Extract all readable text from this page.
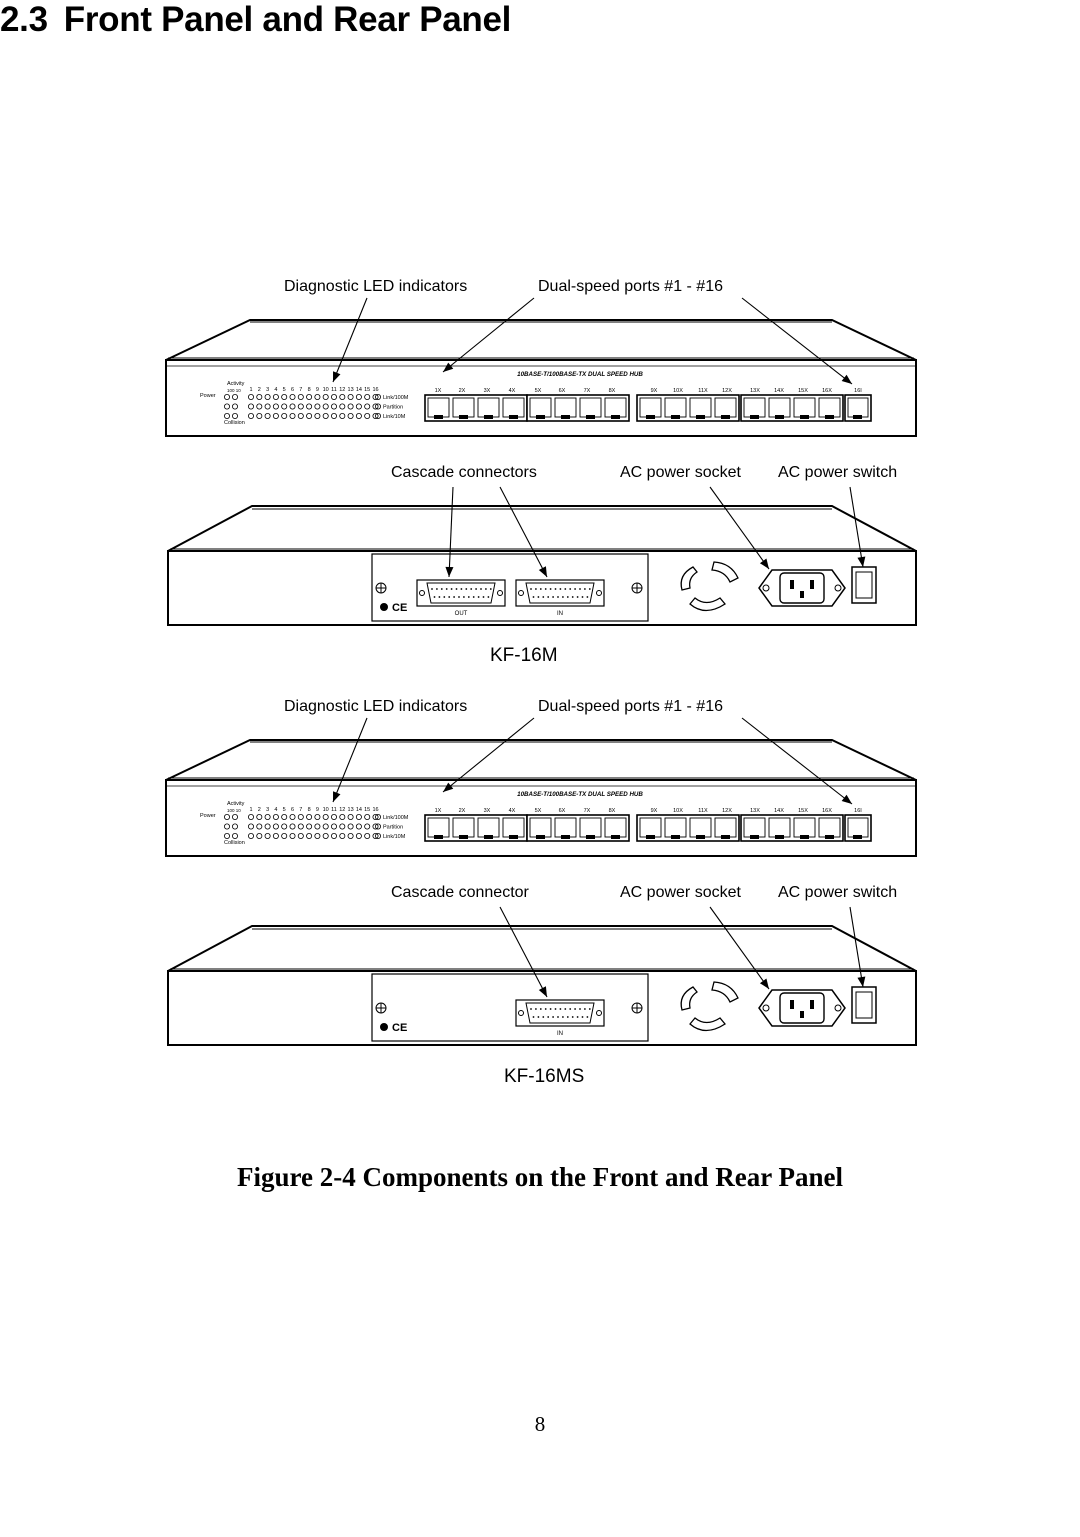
2.3 Front Panel and Rear Panel
Diagnostic LED indicators	Dual-speed ports #1 - #16
Cascade connectors	AC power socket AC power switch
KF-16M
Diagnostic LED indicators	Dual-speed ports #1 - #16
Cascade connector	AC power socket AC power switch
KF-16MS
Figure 2-4 Components on the Front and Rear Panel
8
10BASE-T/100BASE-TX DUAL SPEED HUB
Activity
Power
Collision
100 10 1 2 3 4 5 6 7 8 9 10 11 12 13 14 15 16
Link/100M
Partition
Link/10M
1X	2X	3X	4X	5X	6X	7X	8X	9X	10X	11X	12X	13X	14X	15X	16X	16I
CE	OUT	IN
10BASE-T/100BASE-TX DUAL SPEED HUB
Activity
Power
Collision
100 10 1 2 3 4 5 6 7 8 9 10 11 12 13 14 15 16
Link/100M
Partition
Link/10M
1X	2X	3X	4X	5X	6X	7X	8X	9X	10X	11X	12X	13X	14X	15X	16X	16I
CE	IN
